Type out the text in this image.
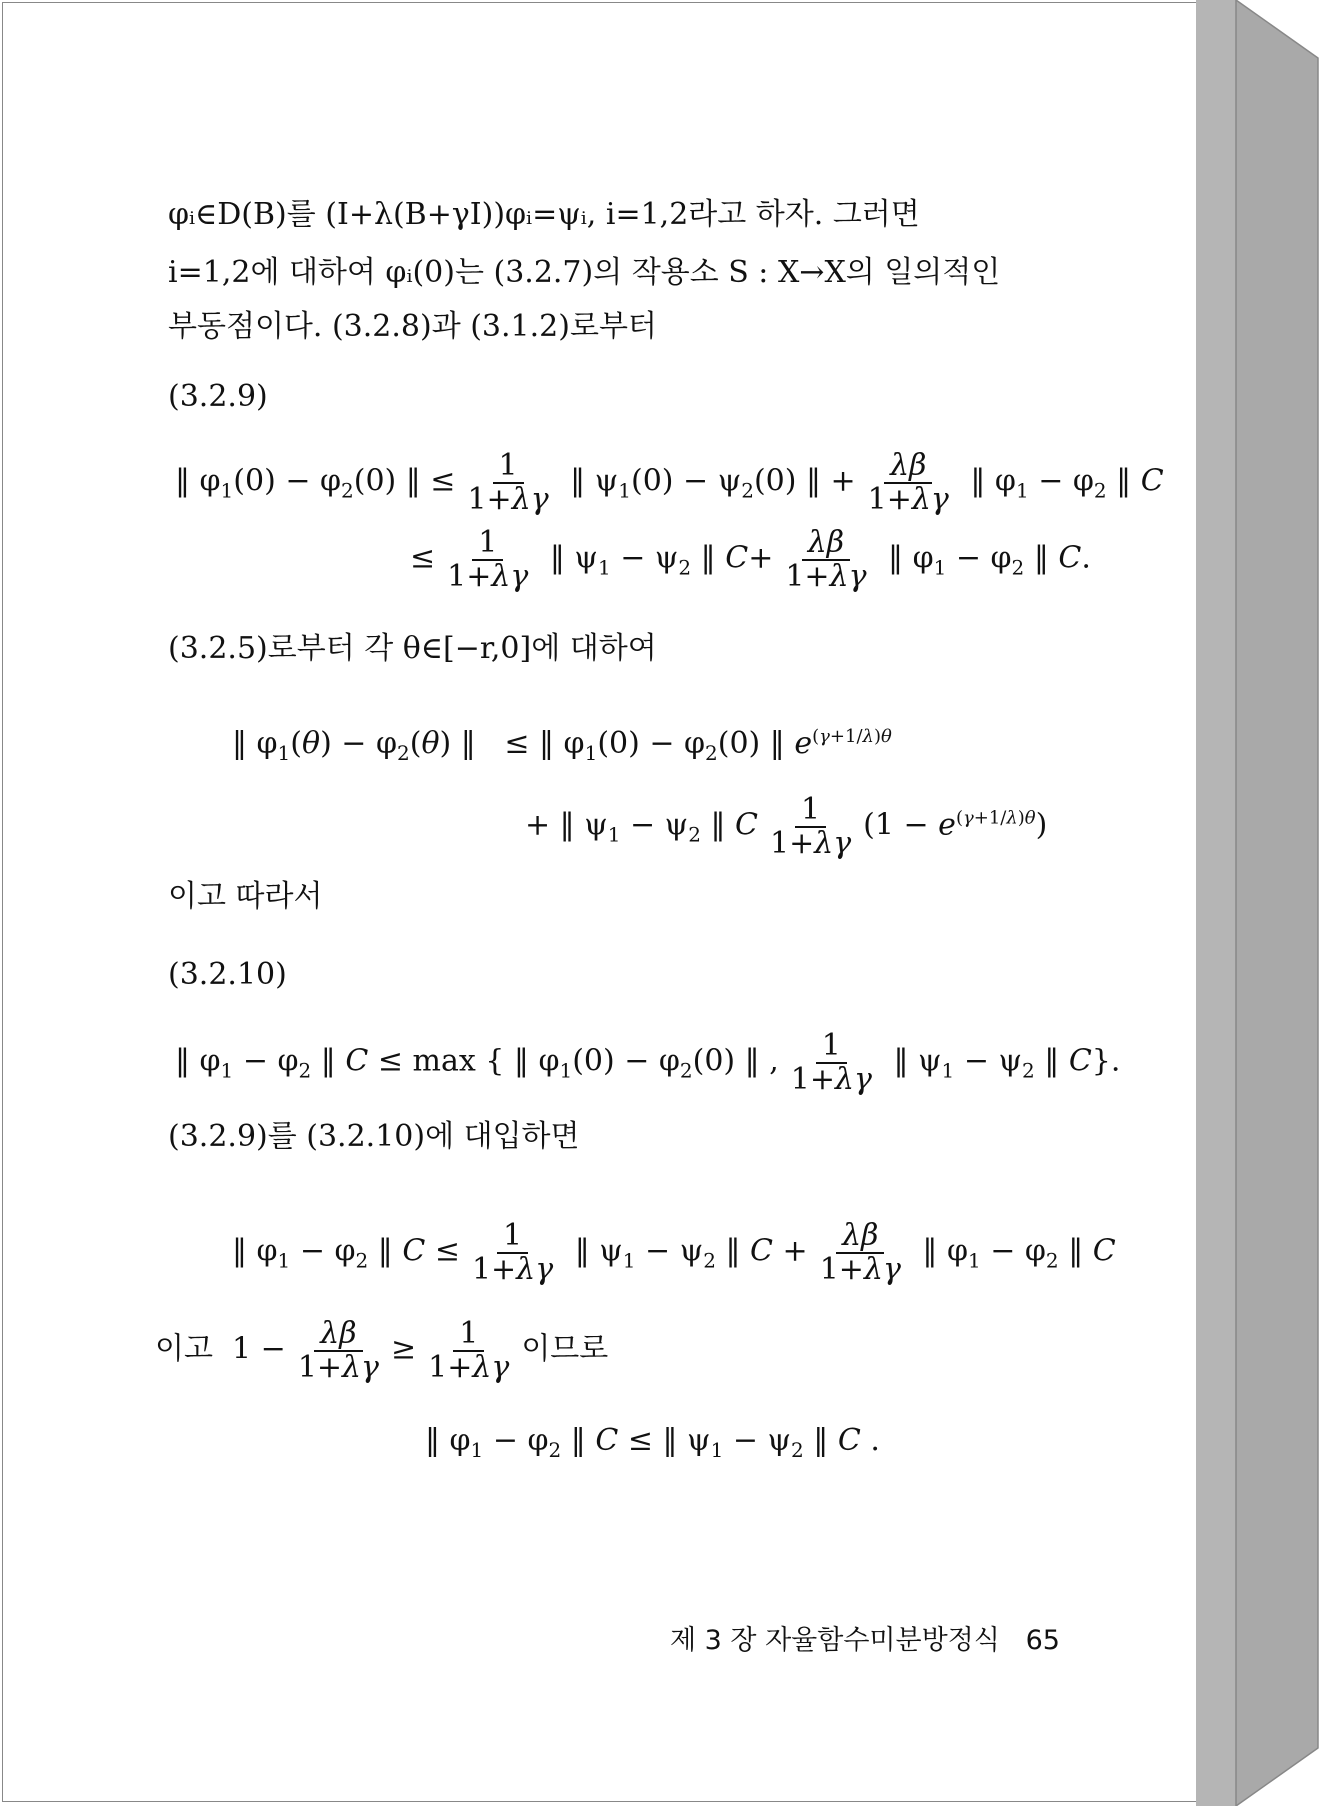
φᵢ∈D(B)를 (I+λ(B+γI))φᵢ=ψᵢ, i=1,2라고 하자. 그러면
i=1,2에 대하여 φᵢ(0)는 (3.2.7)의 작용소 S : X→X의 일의적인
부동점이다. (3.2.8)과 (3.1.2)로부터
(3.2.9)
‖ $\varphi_1(0) - \varphi_2(0)$ ‖ ≤ $\frac{1}{1+\lambda\gamma}$ ‖ $\psi_1(0) - \psi_2(0)$ ‖ + $\frac{\lambda\beta}{1+\lambda\gamma}$ ‖ $\varphi_1 - \varphi_2$ ‖ C
≤ $\frac{1}{1+\lambda\gamma}$ ‖ $\psi_1 - \psi_2$ ‖ $C+ \frac{\lambda\beta}{1+\lambda\gamma}$ ‖ $\varphi_1 - \varphi_2$ ‖ C.
(3.2.5)로부터 각 θ∈[−r,0]에 대하여
‖ $\varphi_1(\theta) - \varphi_2(\theta)$ ‖   ≤ ‖ $\varphi_1(0) - \varphi_2(0)$ ‖ $e^{(\gamma+1/\lambda)\theta}$
+ ‖ $\psi_1 - \psi_2$ ‖ C $\frac{1}{1+\lambda\gamma} (1 - e^{(\gamma+1/\lambda)\theta})$
이고 따라서
(3.2.10)
‖ $\varphi_1 - \varphi_2$ ‖ C ≤ max { ‖ $\varphi_1(0) - \varphi_2(0)$ ‖ , $\frac{1}{1+\lambda\gamma}$ ‖ $\psi_1 - \psi_2$ ‖ C}.
(3.2.9)를 (3.2.10)에 대입하면
‖ $\varphi_1 - \varphi_2$ ‖ $C \le \frac{1}{1+\lambda\gamma}$ ‖ $\psi_1 - \psi_2$ ‖ $C + \frac{\lambda\beta}{1+\lambda\gamma}$ ‖ $\varphi_1 - \varphi_2$ ‖ C
이고  $1 - \frac{\lambda\beta}{1+\lambda\gamma} \ge \frac{1}{1+\lambda\gamma}$ 이므로
‖ $\varphi_1 - \varphi_2$ ‖ C ≤ ‖ $\psi_1 - \psi_2$ ‖ C .
제 3 장 자율함수미분방정식 65
